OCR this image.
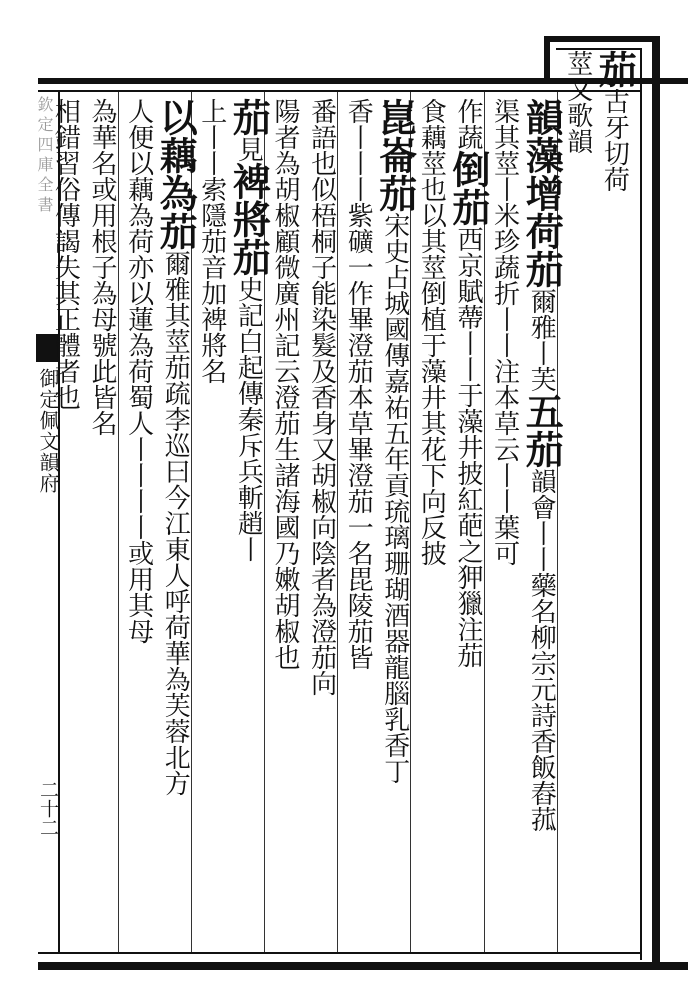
欽定四庫全書
御定佩文韻府
二十二
茄古牙切荷
莖又歌韻
韻藻增荷茄爾雅丨芙五茄韻會丨丨藥名柳宗元詩香飯舂菰
渠其莖丨米珍蔬折丨丨注本草云丨丨葉可
作蔬倒茄西京賦蔕丨丨于藻井披紅葩之狎獵注茄
食藕莖也以其莖倒植于藻井其花下向反披
崑崙茄宋史占城國傳嘉祐五年貢琉璃珊瑚酒器龍腦乳香丁
香丨丨丨紫礦一作畢澄茄本草畢澄茄一名毘陵茄皆
番語也似梧桐子能染髮及香身又胡椒向陰者為澄茄向
陽者為胡椒顧微廣州記云澄茄生諸海國乃嫩胡椒也
茄見裨將茄史記白起傳秦斥兵斬趙丨
上丨丨索隱茄音加裨將名
以藕為茄爾雅其莖茄疏李巡曰今江東人呼荷華為芙蓉北方
人便以藕為荷亦以蓮為荷蜀人丨丨丨丨或用其母
為華名或用根子為母號此皆名
相錯習俗傳謁失其正體者也
